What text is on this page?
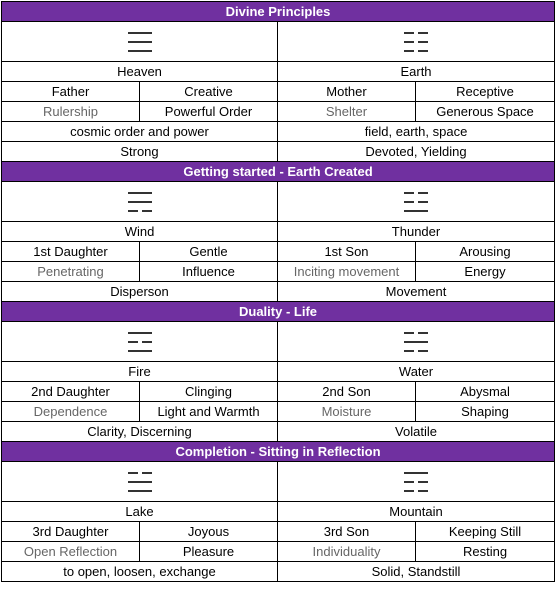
Divine Principles			

Heaven		Earth	
Father	Creative	Mother	Receptive
Rulership	Powerful Order	Shelter	Generous Space
cosmic order and power		field, earth, space	
Strong		Devoted, Yielding	
Getting started - Earth Created			

Wind		Thunder	
1st Daughter	Gentle	1st Son	Arousing
Penetrating	Influence	Inciting movement	Energy
Disperson		Movement	
Duality - Life			

Fire		Water	
2nd Daughter	Clinging	2nd Son	Abysmal
Dependence	Light and Warmth	Moisture	Shaping
Clarity, Discerning		Volatile	
Completion - Sitting in Reflection			

Lake		Mountain	
3rd Daughter	Joyous	3rd Son	Keeping Still
Open Reflection	Pleasure	Individuality	Resting
to open, loosen, exchange		Solid, Standstill	
